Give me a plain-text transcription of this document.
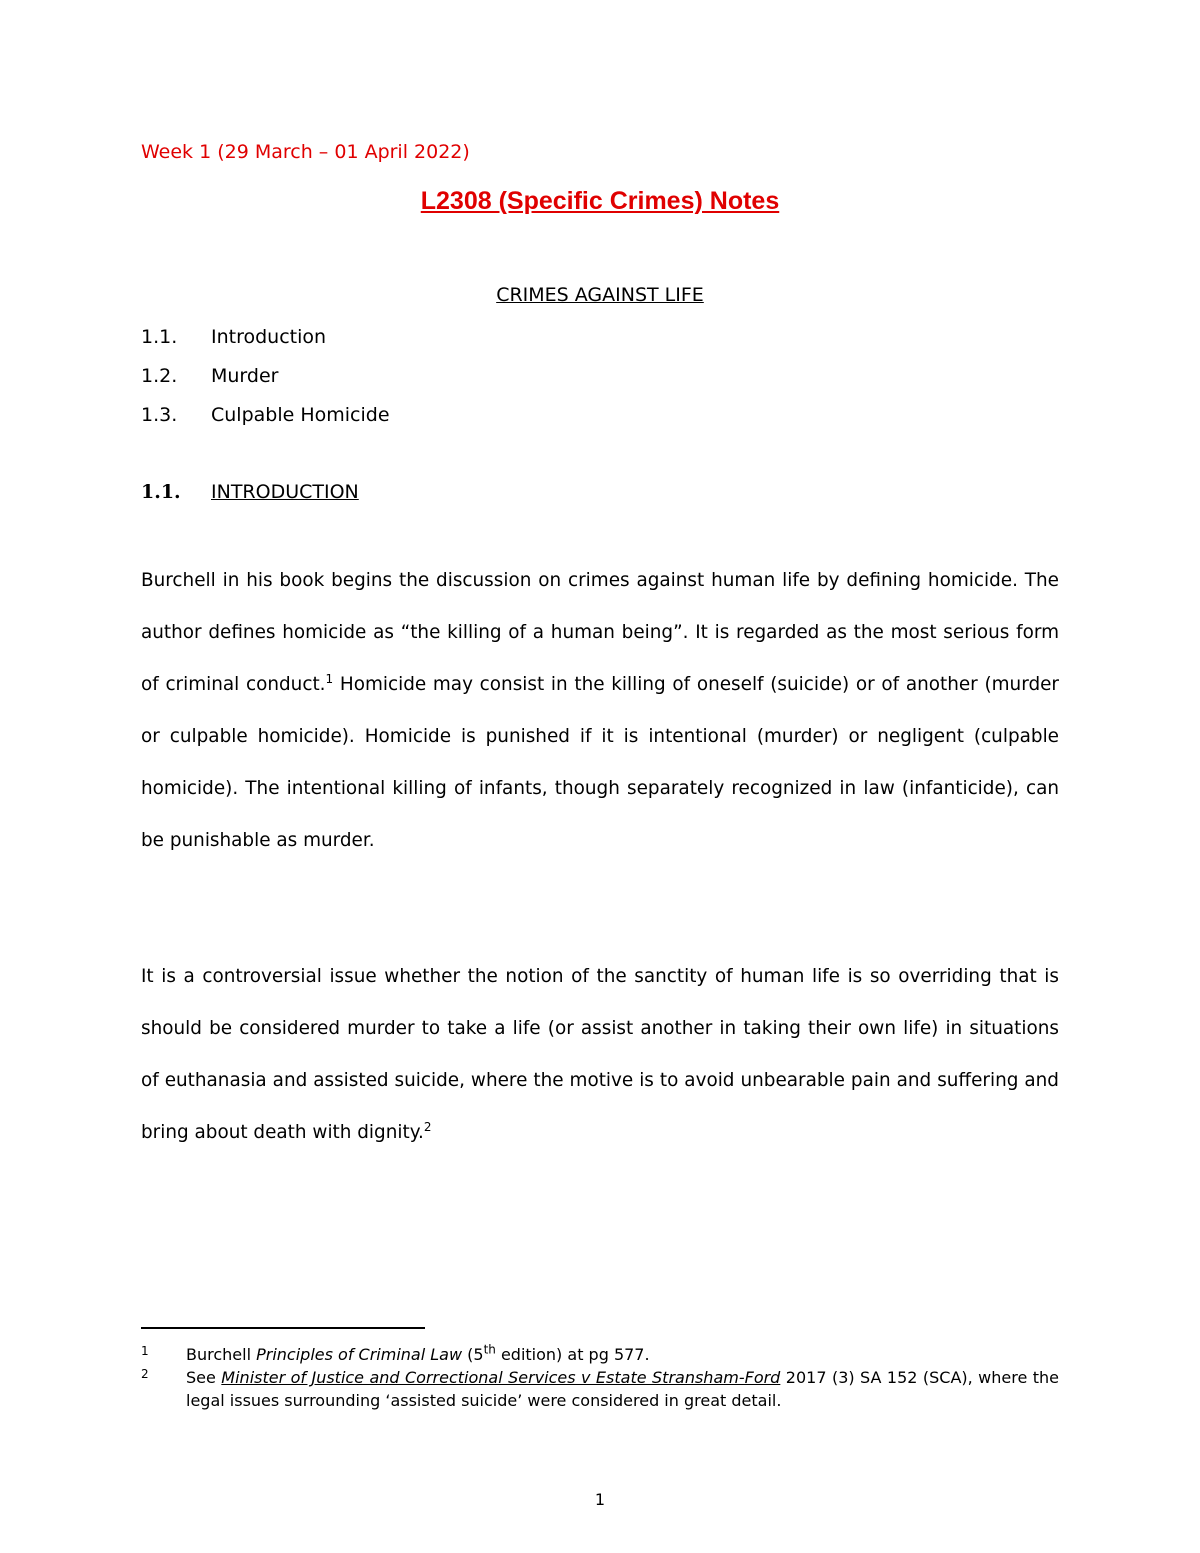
Week 1 (29 March – 01 April 2022)
L2308 (Specific Crimes) Notes
CRIMES AGAINST LIFE
1.1. Introduction
1.2. Murder
1.3. Culpable Homicide
1.1. INTRODUCTION
Burchell in his book begins the discussion on crimes against human life by defining homicide. The author defines homicide as “the killing of a human being”. It is regarded as the most serious form of criminal conduct.$^1$ Homicide may consist in the killing of oneself (suicide) or of another (murder or culpable homicide). Homicide is punished if it is intentional (murder) or negligent (culpable homicide). The intentional killing of infants, though separately recognized in law (infanticide), can be punishable as murder.
It is a controversial issue whether the notion of the sanctity of human life is so overriding that is should be considered murder to take a life (or assist another in taking their own life) in situations of euthanasia and assisted suicide, where the motive is to avoid unbearable pain and suffering and bring about death with dignity.$^2$
1 Burchell Principles of Criminal Law (5th edition) at pg 577.
2 See Minister of Justice and Correctional Services v Estate Stransham-Ford 2017 (3) SA 152 (SCA), where the legal issues surrounding ‘assisted suicide’ were considered in great detail.
1
